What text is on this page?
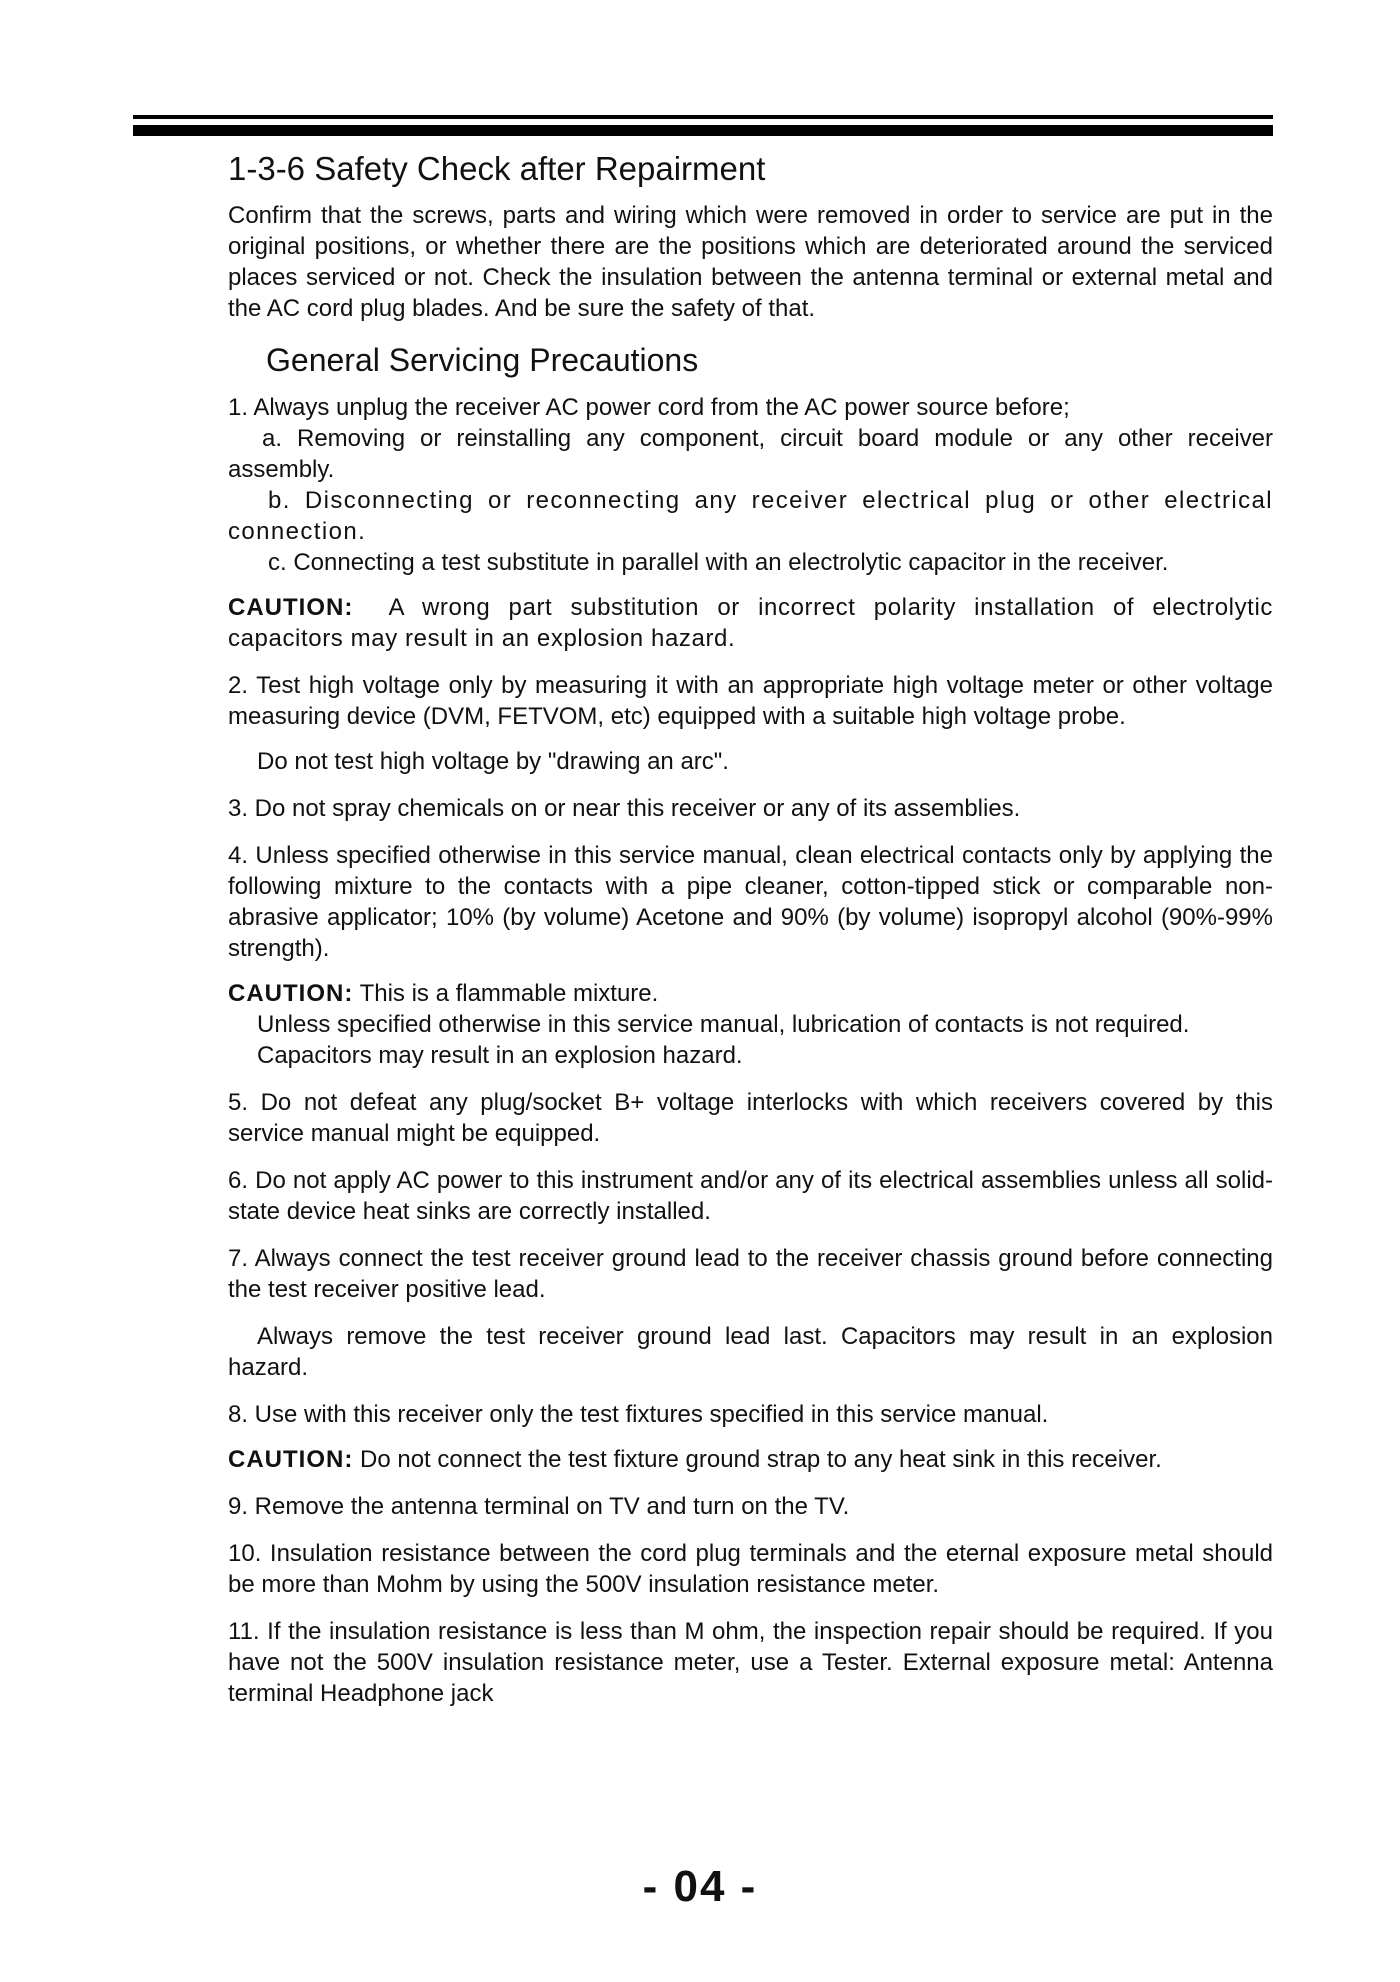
1-3-6 Safety Check after Repairment

Confirm that the screws, parts and wiring which were removed in order to service are put in the original positions, or whether there are the positions which are deteriorated around the serviced places serviced or not. Check the insulation between the antenna terminal or external metal and the AC cord plug blades. And be sure the safety of that.

General Servicing Precautions

1. Always unplug the receiver AC power cord from the AC power source before;

a. Removing or reinstalling any component, circuit board module or any other receiver assembly.

b. Disconnecting or reconnecting any receiver electrical plug or other electrical connection.

c. Connecting a test substitute in parallel with an electrolytic capacitor in the receiver.

CAUTION: A wrong part substitution or incorrect polarity installation of electrolytic capacitors may result in an explosion hazard.

2. Test high voltage only by measuring it with an appropriate high voltage meter or other voltage measuring device (DVM, FETVOM, etc) equipped with a suitable high voltage probe.

Do not test high voltage by "drawing an arc".

3. Do not spray chemicals on or near this receiver or any of its assemblies.

4. Unless specified otherwise in this service manual, clean electrical contacts only by applying the following mixture to the contacts with a pipe cleaner, cotton-tipped stick or comparable non-abrasive applicator; 10% (by volume) Acetone and 90% (by volume) isopropyl alcohol (90%-99% strength).

CAUTION: This is a flammable mixture.

Unless specified otherwise in this service manual, lubrication of contacts is not required.

Capacitors may result in an explosion hazard.

5. Do not defeat any plug/socket B+ voltage interlocks with which receivers covered by this service manual might be equipped.

6. Do not apply AC power to this instrument and/or any of its electrical assemblies unless all solid-state device heat sinks are correctly installed.

7. Always connect the test receiver ground lead to the receiver chassis ground before connecting the test receiver positive lead.

Always remove the test receiver ground lead last. Capacitors may result in an explosion hazard.

8. Use with this receiver only the test fixtures specified in this service manual.

CAUTION: Do not connect the test fixture ground strap to any heat sink in this receiver.

9. Remove the antenna terminal on TV and turn on the TV.

10. Insulation resistance between the cord plug terminals and the eternal exposure metal should be more than Mohm by using the 500V insulation resistance meter.

11. If the insulation resistance is less than M ohm, the inspection repair should be required. If you have not the 500V insulation resistance meter, use a Tester. External exposure metal: Antenna terminal Headphone jack

- 04 -
